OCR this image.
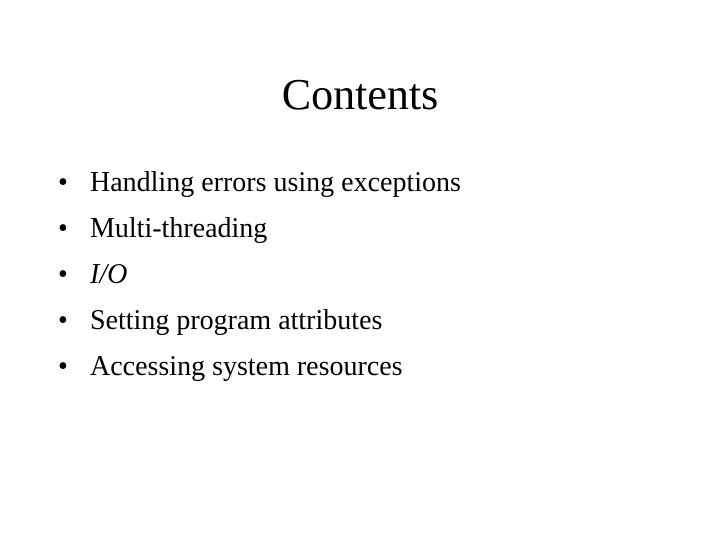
Contents
• Handling errors using exceptions
• Multi-threading
• I/O
• Setting program attributes
• Accessing system resources
